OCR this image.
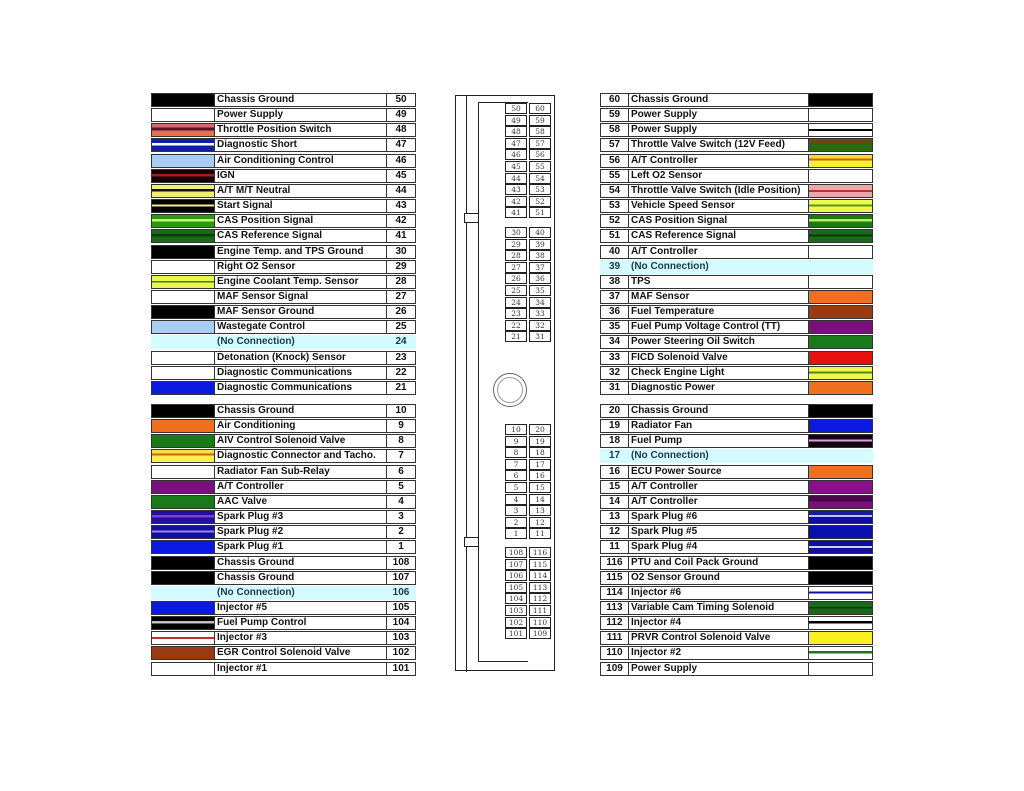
Chassis Ground	50
Power Supply	49
Throttle Position Switch	48
Diagnostic Short	47
Air Conditioning Control	46
IGN	45
A/T M/T Neutral	44
Start Signal	43
CAS Position Signal	42
CAS Reference Signal	41
Engine Temp. and TPS Ground	30
Right O2 Sensor	29
Engine Coolant Temp. Sensor	28
MAF Sensor Signal	27
MAF Sensor Ground	26
Wastegate Control	25
(No Connection)	24
Detonation (Knock) Sensor	23
Diagnostic Communications	22
Diagnostic Communications	21
Chassis Ground	10
Air Conditioning	9
AIV Control Solenoid Valve	8
Diagnostic Connector and Tacho.	7
Radiator Fan Sub-Relay	6
A/T Controller	5
AAC Valve	4
Spark Plug #3	3
Spark Plug #2	2
Spark Plug #1	1
Chassis Ground	108
Chassis Ground	107
(No Connection)	106
Injector #5	105
Fuel Pump Control	104
Injector #3	103
EGR Control Solenoid Valve	102
Injector #1	101
60	Chassis Ground
59	Power Supply
58	Power Supply
57	Throttle Valve Switch (12V Feed)
56	A/T Controller
55	Left O2 Sensor
54	Throttle Valve Switch (Idle Position)
53	Vehicle Speed Sensor
52	CAS Position Signal
51	CAS Reference Signal
40	A/T Controller
39	(No Connection)
38	TPS
37	MAF Sensor
36	Fuel Temperature
35	Fuel Pump Voltage Control (TT)
34	Power Steering Oil Switch
33	FICD Solenoid Valve
32	Check Engine Light
31	Diagnostic Power
20	Chassis Ground
19	Radiator Fan
18	Fuel Pump
17	(No Connection)
16	ECU Power Source
15	A/T Controller
14	A/T Controller
13	Spark Plug #6
12	Spark Plug #5
11	Spark Plug #4
116 PTU and Coil Pack Ground
115 O2 Sensor Ground
114 Injector #6
113 Variable Cam Timing Solenoid
112 Injector #4
111 PRVR Control Solenoid Valve
110 Injector #2
109 Power Supply
50	60
49	59
48	58
47	57
46	56
45	55
44	54
43	53
42	52
41	51
30	40
29	39
28	38
27	37
26	36
25	35
24	34
23	33
22	32
21	31
10	20
9	19
8	18
7	17
6	16
5	15
4	14
3	13
2	12
1	11
108	116
107	115
106	114
105	113
104	112
103	111
102	110
101	109
